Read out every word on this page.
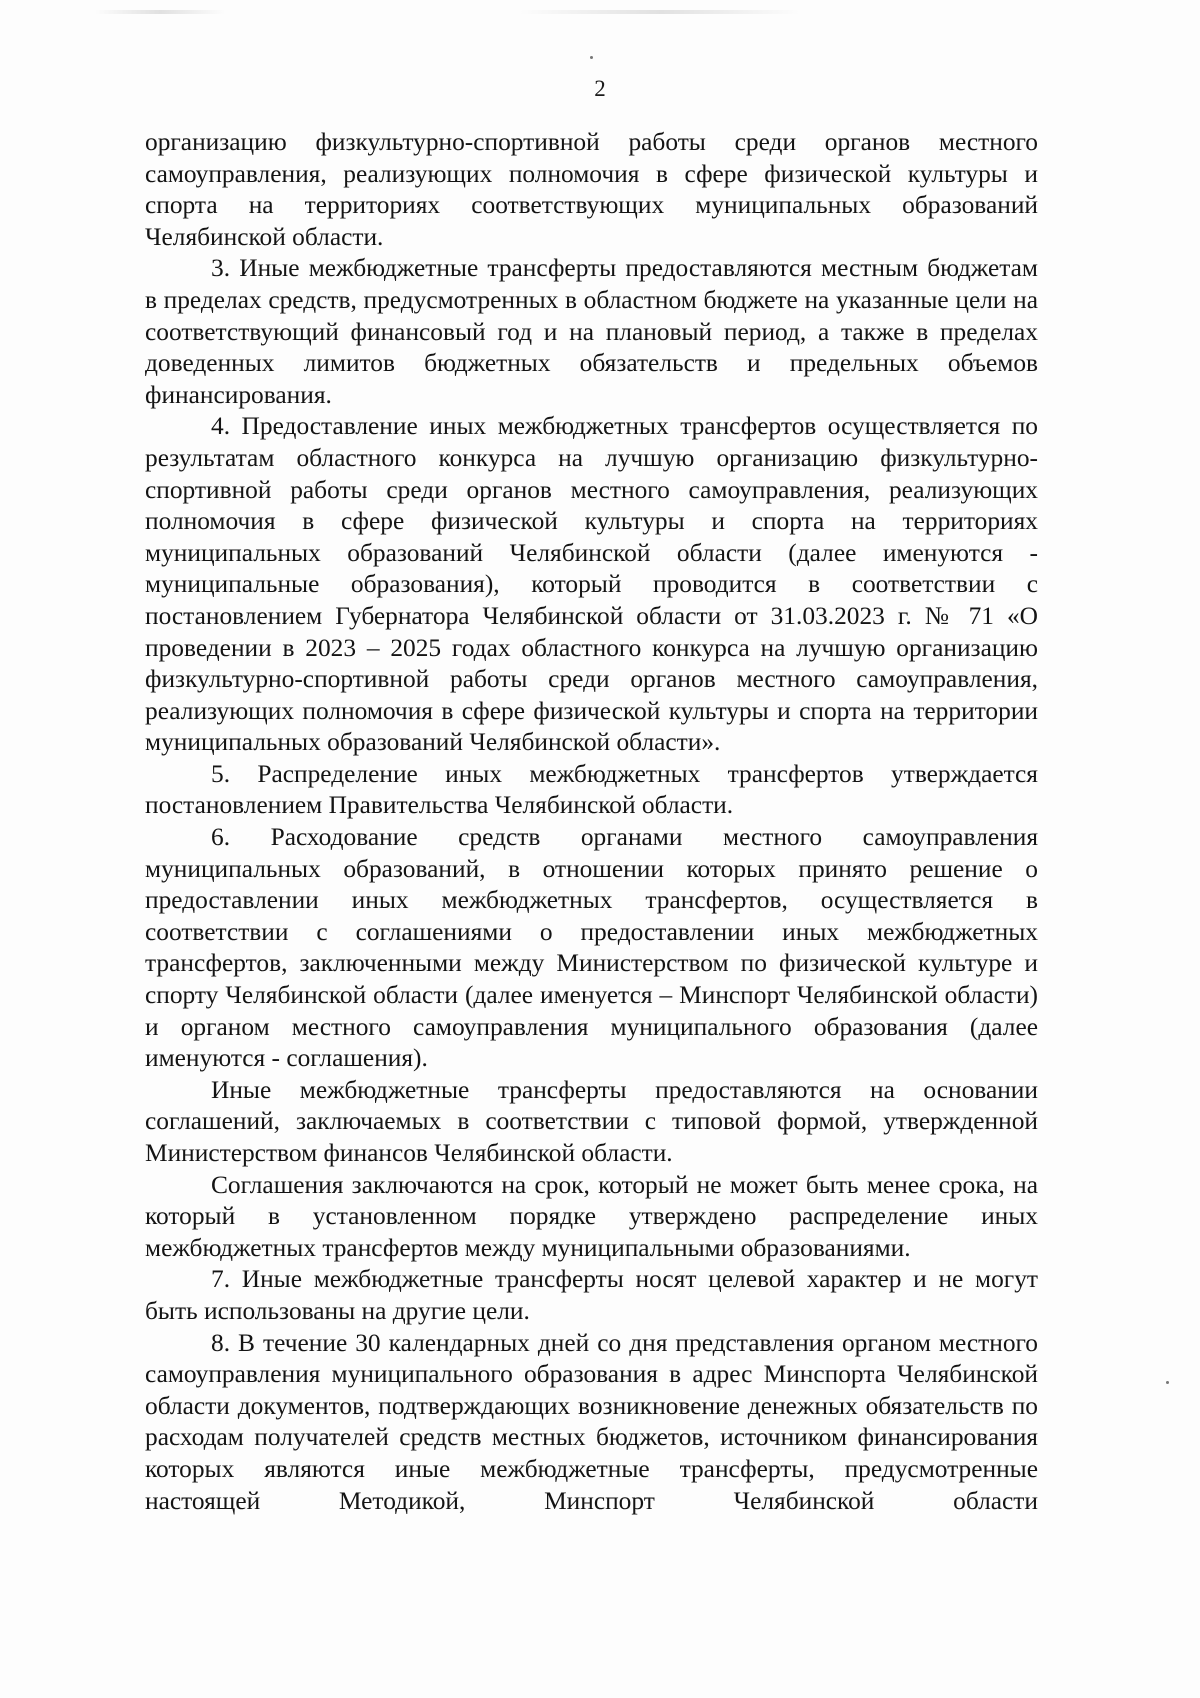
2

организацию физкультурно-спортивной работы среди органов местного самоуправления, реализующих полномочия в сфере физической культуры и спорта на территориях соответствующих муниципальных образований Челябинской области.

3. Иные межбюджетные трансферты предоставляются местным бюджетам в пределах средств, предусмотренных в областном бюджете на указанные цели на соответствующий финансовый год и на плановый период, а также в пределах доведенных лимитов бюджетных обязательств и предельных объемов финансирования.

4. Предоставление иных межбюджетных трансфертов осуществляется по результатам областного конкурса на лучшую организацию физкультурно-спортивной работы среди органов местного самоуправления, реализующих полномочия в сфере физической культуры и спорта на территориях муниципальных образований Челябинской области (далее именуются - муниципальные образования), который проводится в соответствии с постановлением Губернатора Челябинской области от 31.03.2023 г. № 71 «О проведении в 2023 – 2025 годах областного конкурса на лучшую организацию физкультурно-спортивной работы среди органов местного самоуправления, реализующих полномочия в сфере физической культуры и спорта на территории муниципальных образований Челябинской области».

5. Распределение иных межбюджетных трансфертов утверждается постановлением Правительства Челябинской области.

6. Расходование средств органами местного самоуправления муниципальных образований, в отношении которых принято решение о предоставлении иных межбюджетных трансфертов, осуществляется в соответствии с соглашениями о предоставлении иных межбюджетных трансфертов, заключенными между Министерством по физической культуре и спорту Челябинской области (далее именуется – Минспорт Челябинской области) и органом местного самоуправления муниципального образования (далее именуются - соглашения).

Иные межбюджетные трансферты предоставляются на основании соглашений, заключаемых в соответствии с типовой формой, утвержденной Министерством финансов Челябинской области.

Соглашения заключаются на срок, который не может быть менее срока, на который в установленном порядке утверждено распределение иных межбюджетных трансфертов между муниципальными образованиями.

7. Иные межбюджетные трансферты носят целевой характер и не могут быть использованы на другие цели.

8. В течение 30 календарных дней со дня представления органом местного самоуправления муниципального образования в адрес Минспорта Челябинской области документов, подтверждающих возникновение денежных обязательств по расходам получателей средств местных бюджетов, источником финансирования которых являются иные межбюджетные трансферты, предусмотренные настоящей Методикой, Минспорт Челябинской области
